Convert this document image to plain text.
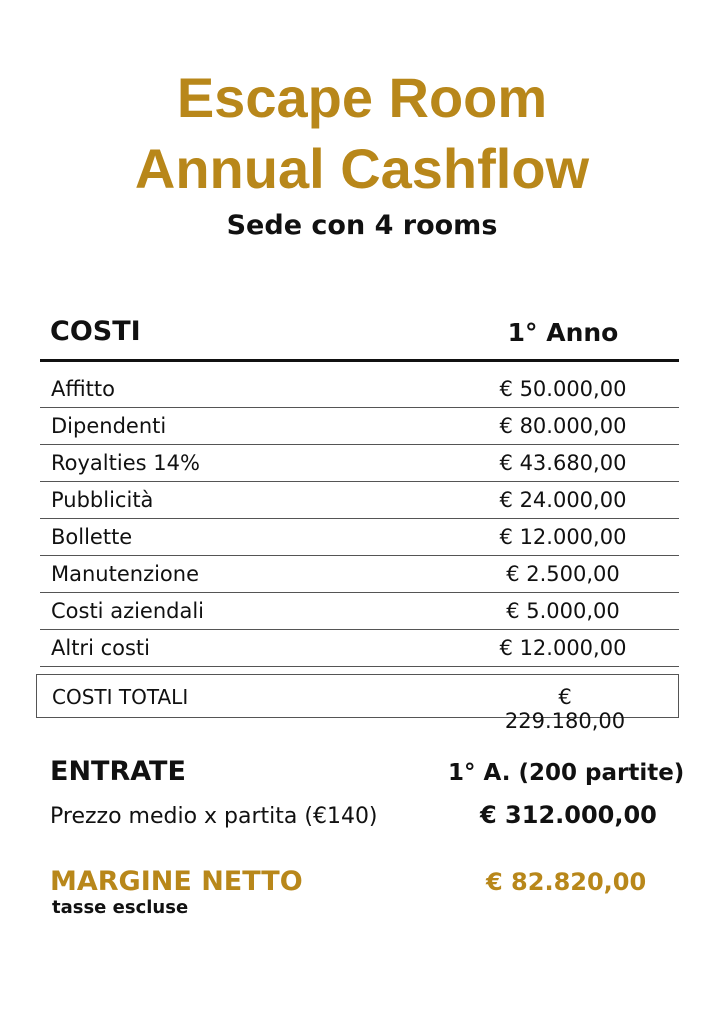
Escape Room
Annual Cashflow
Sede con 4 rooms
COSTI	1° Anno
Affitto	€ 50.000,00
Dipendenti	€ 80.000,00
Royalties 14%	€ 43.680,00
Pubblicità	€ 24.000,00
Bollette	€ 12.000,00
Manutenzione	€ 2.500,00
Costi aziendali	€ 5.000,00
Altri costi	€ 12.000,00
COSTI TOTALI	€ 229.180,00
ENTRATE	1° A. (200 partite)
Prezzo medio x partita (€140)	€ 312.000,00
MARGINE NETTO	€ 82.820,00
tasse escluse
